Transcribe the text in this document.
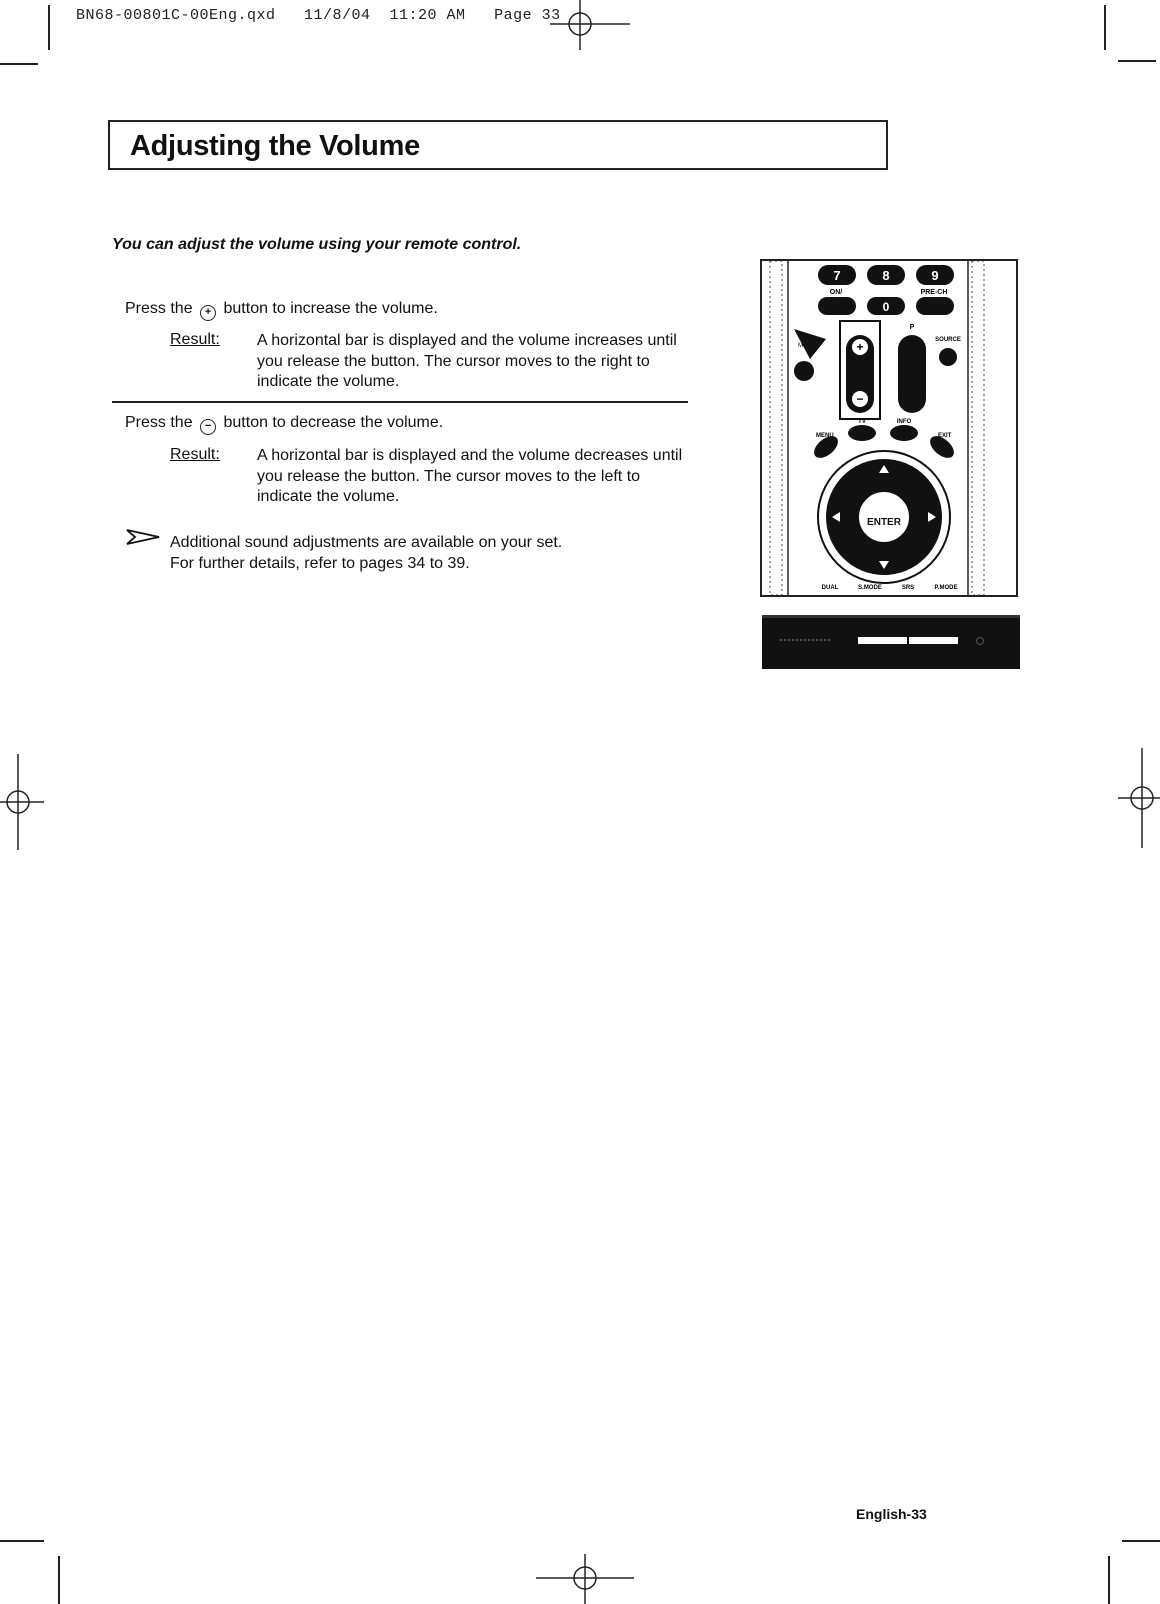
BN68-00801C-00Eng.qxd   11/8/04  11:20 AM   Page 33
Adjusting the Volume
You can adjust the volume using your remote control.
Press the + button to increase the volume.
Result: A horizontal bar is displayed and the volume increases until you release the button. The cursor moves to the right to indicate the volume.
Press the − button to decrease the volume.
Result: A horizontal bar is displayed and the volume decreases until you release the button. The cursor moves to the left to indicate the volume.
Additional sound adjustments are available on your set.
For further details, refer to pages 34 to 39.
7	8	9
ON/	PRE-CH
0
+
−
MUTE
P
SOURCE
TV	INFO
MENU	EXIT
ENTER
DUAL	S.MODE	SRS	P.MODE
English-33
